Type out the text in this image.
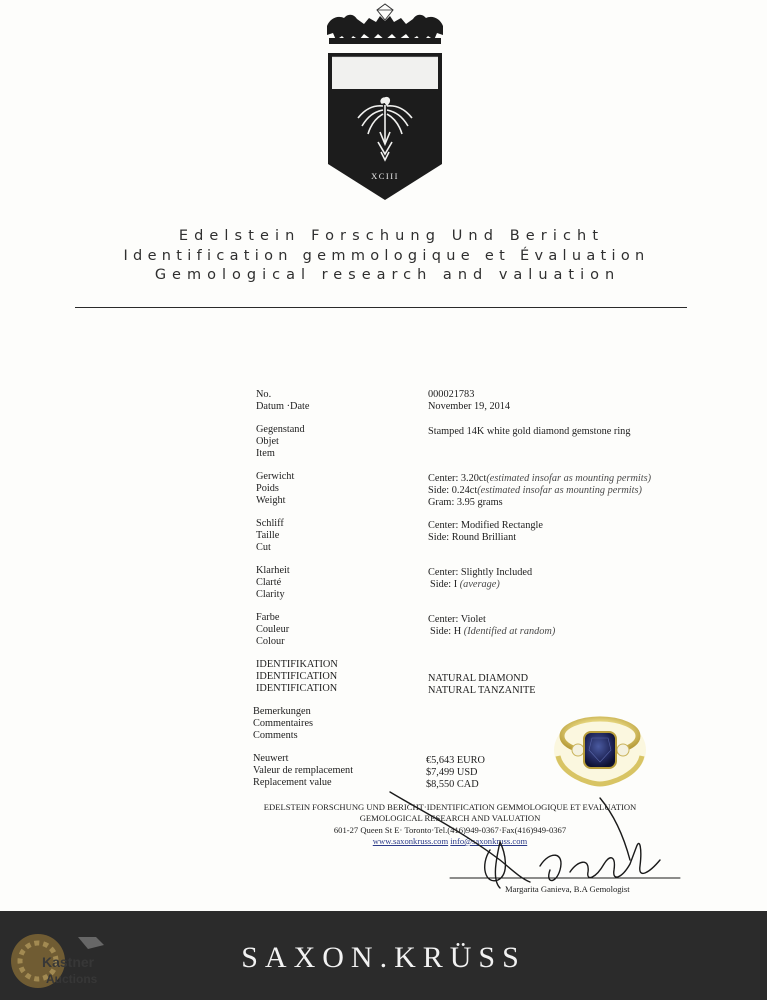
XCIII
Edelstein Forschung Und Bericht
Identification gemmologique et Évaluation
Gemological research and valuation
No.
Datum ·Date
Gegenstand
Objet
Item
Gerwicht
Poids
Weight
Schliff
Taille
Cut
Klarheit
Clarté
Clarity
Farbe
Couleur
Colour
IDENTIFIKATION
IDENTIFICATION
IDENTIFICATION
Bemerkungen
Commentaires
Comments
Neuwert
Valeur de remplacement
Replacement value
000021783
November 19, 2014
Stamped 14K white gold diamond gemstone ring
Center: 3.20ct(estimated insofar as mounting permits)
Side: 0.24ct(estimated insofar as mounting permits)
Gram: 3.95 grams
Center: Modified Rectangle
Side: Round Brilliant
Center: Slightly Included
Side: I (average)
Center: Violet
Side: H (Identified at random)
NATURAL DIAMOND
NATURAL TANZANITE
€5,643 EURO
$7,499 USD
$8,550 CAD
EDELSTEIN FORSCHUNG UND BERICHT·IDENTIFICATION GEMMOLOGIQUE ET EVALUATION
GEMOLOGICAL RESEARCH AND VALUATION
601-27 Queen St E· Toronto·Tel.(416)949-0367·Fax(416)949-0367
www.saxonkruss.com info@saxonkruss.com
Margarita Ganieva, B.A Gemologist
SAXON.KRÜSS
Kastner
Auctions
